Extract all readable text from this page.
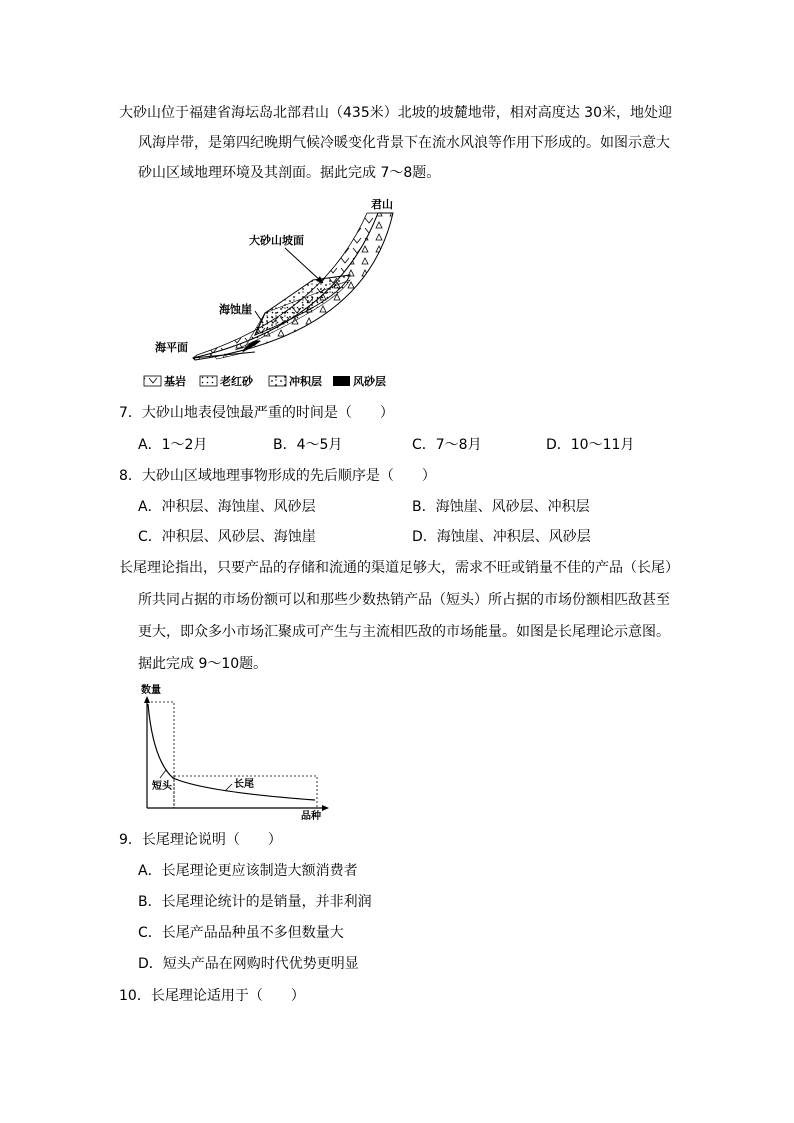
大砂山位于福建省海坛岛北部君山（435米）北坡的坡麓地带，相对高度达 30米，地处迎
风海岸带，是第四纪晚期气候冷暖变化背景下在流水风浪等作用下形成的。如图示意大
砂山区域地理环境及其剖面。据此完成 7～8题。
君山
大砂山坡面
海蚀崖
海平面
基岩	老红砂	冲积层	风砂层
7．大砂山地表侵蚀最严重的时间是（　　）
A．1～2月	B．4～5月	C．7～8月	D．10～11月
8．大砂山区域地理事物形成的先后顺序是（　　）
A．冲积层、海蚀崖、风砂层	B．海蚀崖、风砂层、冲积层
C．冲积层、风砂层、海蚀崖	D．海蚀崖、冲积层、风砂层
长尾理论指出，只要产品的存储和流通的渠道足够大，需求不旺或销量不佳的产品（长尾）
所共同占据的市场份额可以和那些少数热销产品（短头）所占据的市场份额相匹敌甚至
更大，即众多小市场汇聚成可产生与主流相匹敌的市场能量。如图是长尾理论示意图。
据此完成 9～10题。
数量
短头	长尾
品种
9．长尾理论说明（　　）
A．长尾理论更应该制造大额消费者
B．长尾理论统计的是销量，并非利润
C．长尾产品品种虽不多但数量大
D．短头产品在网购时代优势更明显
10．长尾理论适用于（　　）
